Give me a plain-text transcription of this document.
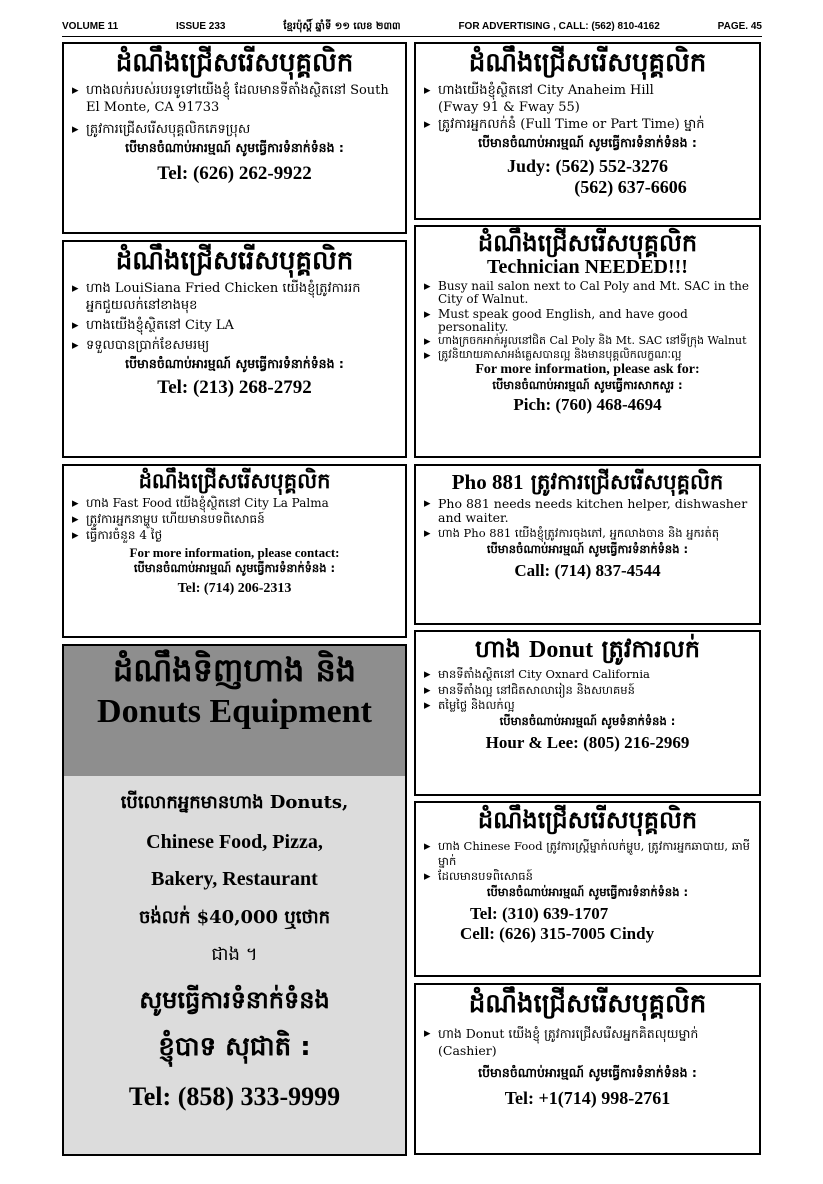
VOLUME 11	ISSUE 233	ខ្មែរប៉ុស្ដិ៍ ឆ្នាំទី ១១ លេខ ២៣៣	FOR ADVERTISING , CALL: (562) 810-4162	PAGE. 45
ដំណឹងជ្រើសរើសបុគ្គលិក
▸ ហាងលក់របស់របរទូទៅយើងខ្ញុំ ដែលមានទីតាំងស្ថិតនៅ South El Monte, CA 91733
▸ ត្រូវការជ្រើសរើសបុគ្គលិកភេទប្រុស
បើមានចំណាប់អារម្មណ៍ សូមធ្វើការទំនាក់ទំនង :
Tel: (626) 262-9922
ដំណឹងជ្រើសរើសបុគ្គលិក
▸ ហាងយើងខ្ញុំស្ថិតនៅ City Anaheim Hill
(Fway 91 & Fway 55)
▸ ត្រូវការអ្នកលក់នំ (Full Time or Part Time) ម្នាក់
បើមានចំណាប់អារម្មណ៍ សូមធ្វើការទំនាក់ទំនង :
Judy: (562) 552-3276
(562) 637-6606
ដំណឹងជ្រើសរើសបុគ្គលិក
▸ ហាង LouiSiana Fried Chicken យើងខ្ញុំត្រូវការរកអ្នកជួយលក់នៅខាងមុខ
▸ ហាងយើងខ្ញុំស្ថិតនៅ City LA
▸ ទទួលបានប្រាក់ខែសមរម្យ
បើមានចំណាប់អារម្មណ៍ សូមធ្វើការទំនាក់ទំនង :
Tel: (213) 268-2792
ដំណឹងជ្រើសរើសបុគ្គលិក
Technician NEEDED!!!
▸ Busy nail salon next to Cal Poly and Mt. SAC in the City of Walnut.
▸ Must speak good English, and have good personality.
▸ ហាងក្រចកអាក់អូលនៅជិត Cal Poly និង Mt. SAC នៅទីក្រុង Walnut
▸ ត្រូវនិយាយភាសាអង់គ្លេសបានល្អ និងមានបុគ្គលិកលក្ខណៈល្អ
For more information, please ask for:
បើមានចំណាប់អារម្មណ៍ សូមធ្វើការសាកសួរ :
Pich: (760) 468-4694
ដំណឹងជ្រើសរើសបុគ្គលិក
▸ ហាង Fast Food យើងខ្ញុំស្ថិតនៅ City La Palma
▸ ត្រូវការអ្នកនាម្ហូប ហើយមានបទពិសោធន៍
▸ ធ្វើការចំនួន 4 ថ្ងៃ
For more information, please contact:
បើមានចំណាប់អារម្មណ៍ សូមធ្វើការទំនាក់ទំនង :
Tel: (714) 206-2313
Pho 881 ត្រូវការជ្រើសរើសបុគ្គលិក
▸ Pho 881 needs needs kitchen helper, dishwasher and waiter.
▸ ហាង Pho 881 យើងខ្ញុំត្រូវការចុងភៅ, អ្នកលាងចាន និង អ្នករត់តុ
បើមានចំណាប់អារម្មណ៍ សូមធ្វើការទំនាក់ទំនង :
Call: (714) 837-4544
ដំណឹងទិញហាង និង
Donuts Equipment
បើលោកអ្នកមានហាង Donuts,
Chinese Food, Pizza,
Bakery, Restaurant
ចង់លក់ $40,000 ឬថោក
ជាង ។
សូមធ្វើការទំនាក់ទំនង
ខ្ញុំបាទ សុជាតិ :
Tel: (858) 333-9999
ហាង Donut ត្រូវការលក់
▸ មានទីតាំងស្ថិតនៅ City Oxnard California
▸ មានទីតាំងល្អ នៅជិតសាលារៀន និងសហគមន៍
▸ តម្លៃថ្លៃ និងលក់ល្អ
បើមានចំណាប់អារម្មណ៍ សូមទំនាក់ទំនង :
Hour & Lee: (805) 216-2969
ដំណឹងជ្រើសរើសបុគ្គលិក
▸ ហាង Chinese Food ត្រូវការស្ត្រីម្នាក់លក់ម្ហូប, ត្រូវការអ្នកឆាបាយ, ឆាមីម្នាក់
▸ ដែលមានបទពិសោធន៍
បើមានចំណាប់អារម្មណ៍ សូមធ្វើការទំនាក់ទំនង :
Tel: (310) 639-1707
Cell: (626) 315-7005 Cindy
ដំណឹងជ្រើសរើសបុគ្គលិក
▸ ហាង Donut យើងខ្ញុំ ត្រូវការជ្រើសរើសអ្នកគិតលុយម្នាក់ (Cashier)
បើមានចំណាប់អារម្មណ៍ សូមធ្វើការទំនាក់ទំនង :
Tel: +1(714) 998-2761
